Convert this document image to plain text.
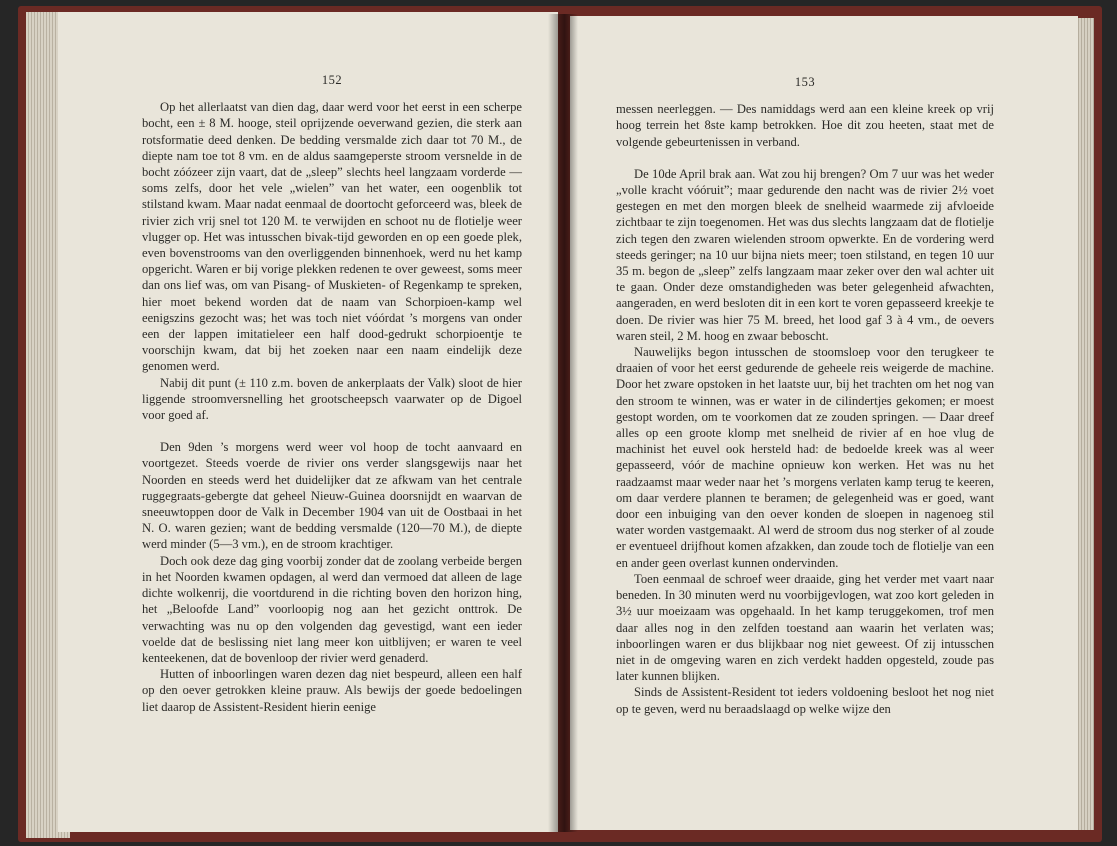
152

Op het allerlaatst van dien dag, daar werd voor het eerst in een scherpe bocht, een ± 8 M. hooge, steil oprijzende oeverwand gezien, die sterk aan rotsformatie deed denken. De bedding versmalde zich daar tot 70 M., de diepte nam toe tot 8 vm. en de aldus saamgeperste stroom versnelde in de bocht zóózeer zijn vaart, dat de „sleep” slechts heel langzaam vorderde — soms zelfs, door het vele „wielen” van het water, een oogenblik tot stilstand kwam. Maar nadat eenmaal de doortocht geforceerd was, bleek de rivier zich vrij snel tot 120 M. te verwijden en schoot nu de flotielje weer vlugger op. Het was intusschen bivak-tijd geworden en op een goede plek, even bovenstrooms van den overliggenden binnenhoek, werd nu het kamp opgericht. Waren er bij vorige plekken redenen te over geweest, soms meer dan ons lief was, om van Pisang- of Muskieten- of Regenkamp te spreken, hier moet bekend worden dat de naam van Schorpioen-kamp wel eenigszins gezocht was; het was toch niet vóórdat ’s morgens van onder een der lappen imitatieleer een half dood-gedrukt schorpioentje te voorschijn kwam, dat bij het zoeken naar een naam eindelijk deze genomen werd.

Nabij dit punt (± 110 z.m. boven de ankerplaats der Valk) sloot de hier liggende stroomversnelling het grootscheepsch vaarwater op de Digoel voor goed af.

Den 9den ’s morgens werd weer vol hoop de tocht aanvaard en voortgezet. Steeds voerde de rivier ons verder slangsgewijs naar het Noorden en steeds werd het duidelijker dat ze afkwam van het centrale ruggegraats-gebergte dat geheel Nieuw-Guinea doorsnijdt en waarvan de sneeuwtoppen door de Valk in December 1904 van uit de Oostbaai in het N. O. waren gezien; want de bedding versmalde (120—70 M.), de diepte werd minder (5—3 vm.), en de stroom krachtiger.

Doch ook deze dag ging voorbij zonder dat de zoolang verbeide bergen in het Noorden kwamen opdagen, al werd dan vermoed dat alleen de lage dichte wolkenrij, die voortdurend in die richting boven den horizon hing, het „Beloofde Land” voorloopig nog aan het gezicht onttrok. De verwachting was nu op den volgenden dag gevestigd, want een ieder voelde dat de beslissing niet lang meer kon uitblijven; er waren te veel kenteekenen, dat de bovenloop der rivier werd genaderd.

Hutten of inboorlingen waren dezen dag niet bespeurd, alleen een half op den oever getrokken kleine prauw. Als bewijs der goede bedoelingen liet daarop de Assistent-Resident hierin eenige

153

messen neerleggen. — Des namiddags werd aan een kleine kreek op vrij hoog terrein het 8ste kamp betrokken. Hoe dit zou heeten, staat met de volgende gebeurtenissen in verband.

De 10de April brak aan. Wat zou hij brengen? Om 7 uur was het weder „volle kracht vóóruit”; maar gedurende den nacht was de rivier 2½ voet gestegen en met den morgen bleek de snelheid waarmede zij afvloeide zichtbaar te zijn toegenomen. Het was dus slechts langzaam dat de flotielje zich tegen den zwaren wielenden stroom opwerkte. En de vordering werd steeds geringer; na 10 uur bijna niets meer; toen stilstand, en tegen 10 uur 35 m. begon de „sleep” zelfs langzaam maar zeker over den wal achter uit te gaan. Onder deze omstandigheden was beter gelegenheid afwachten, aangeraden, en werd besloten dit in een kort te voren gepasseerd kreekje te doen. De rivier was hier 75 M. breed, het lood gaf 3 à 4 vm., de oevers waren steil, 2 M. hoog en zwaar bebosсht.

Nauwelijks begon intusschen de stoomsloep voor den terugkeer te draaien of voor het eerst gedurende de geheele reis weigerde de machine. Door het zware opstoken in het laatste uur, bij het trachten om het nog van den stroom te winnen, was er water in de cilindertjes gekomen; er moest gestopt worden, om te voorkomen dat ze zouden springen. — Daar dreef alles op een groote klomp met snelheid de rivier af en hoe vlug de machinist het euvel ook hersteld had: de bedoelde kreek was al weer gepasseerd, vóór de machine opnieuw kon werken. Het was nu het raadzaamst maar weder naar het ’s morgens verlaten kamp terug te keeren, om daar verdere plannen te beramen; de gelegenheid was er goed, want door een inbuiging van den oever konden de sloepen in nagenoeg stil water worden vastgemaakt. Al werd de stroom dus nog sterker of al zoude er eventueel drijfhout komen afzakken, dan zoude toch de flotielje van een en ander geen overlast kunnen ondervinden.

Toen eenmaal de schroef weer draaide, ging het verder met vaart naar beneden. In 30 minuten werd nu voorbijgevlogen, wat zoo kort geleden in 3½ uur moeizaam was opgehaald. In het kamp teruggekomen, trof men daar alles nog in den zelfden toestand aan waarin het verlaten was; inboorlingen waren er dus blijkbaar nog niet geweest. Of zij intusschen niet in de omgeving waren en zich verdekt hadden opgesteld, zoude pas later kunnen blijken.

Sinds de Assistent-Resident tot ieders voldoening besloot het nog niet op te geven, werd nu beraadslaagd op welke wijze den
